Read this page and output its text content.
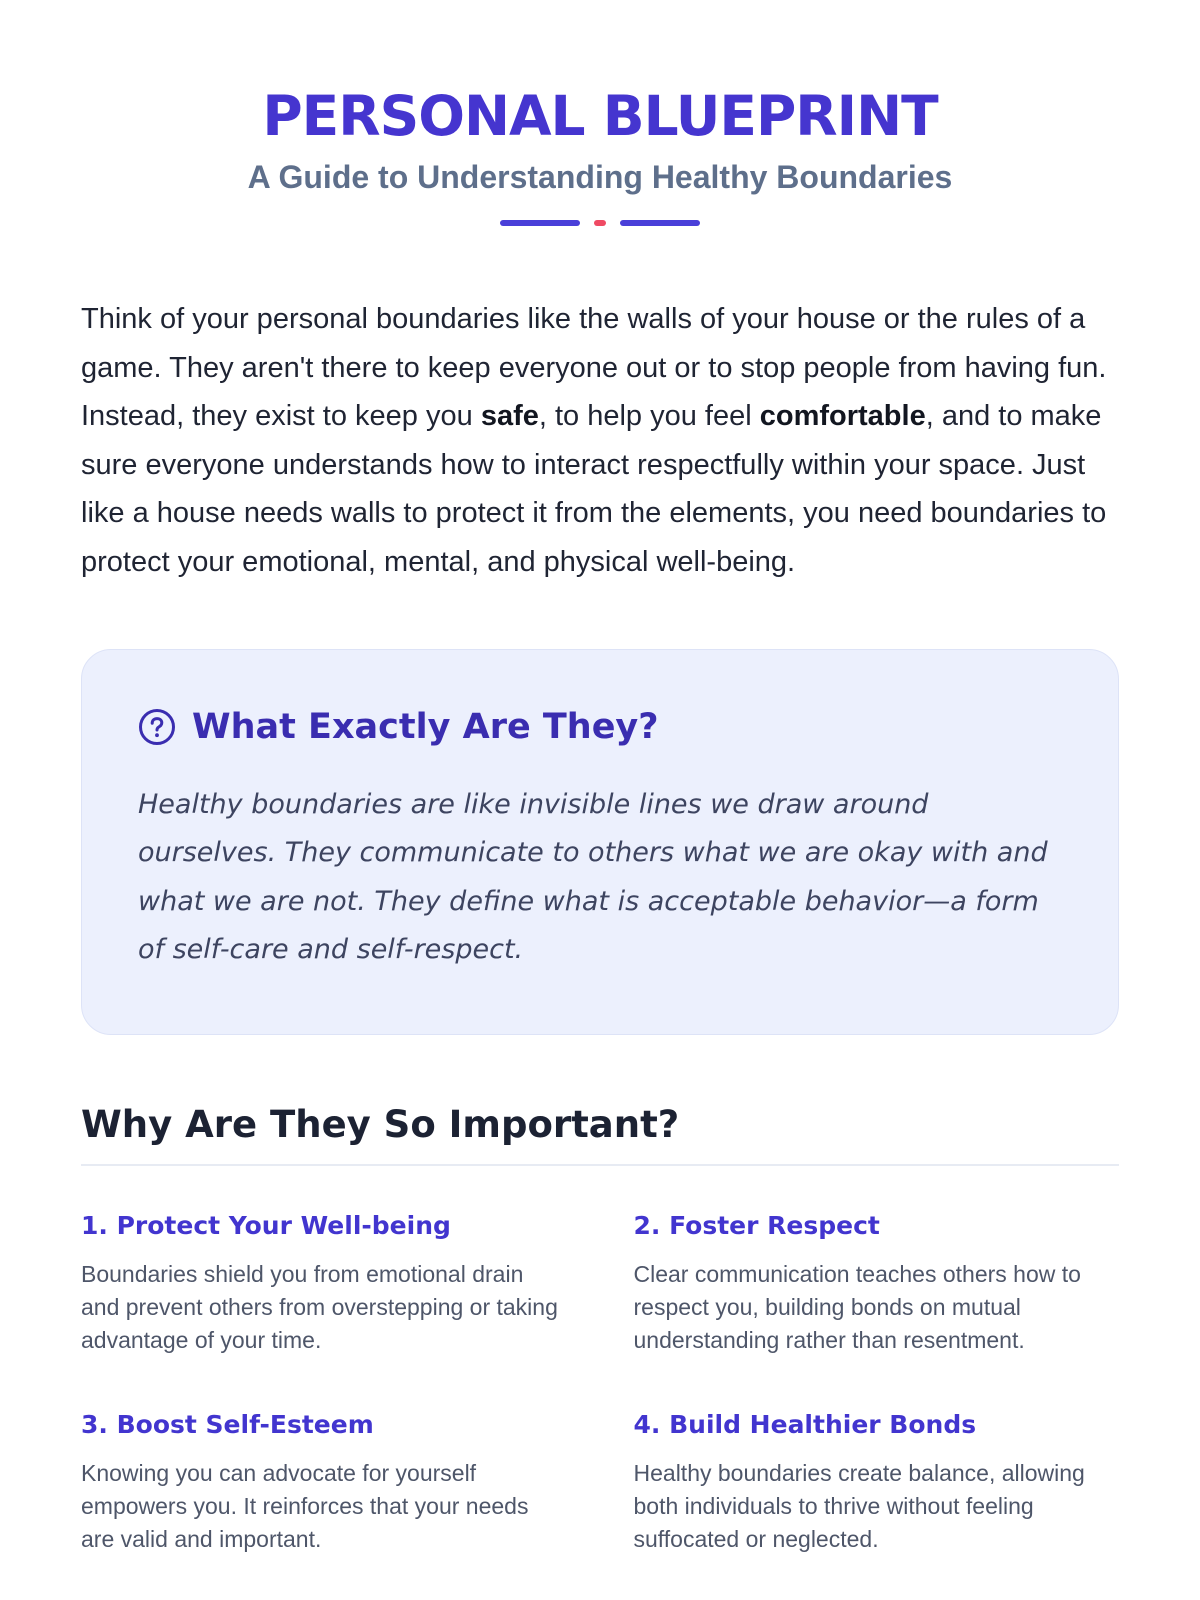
PERSONAL BLUEPRINT
A Guide to Understanding Healthy Boundaries

Think of your personal boundaries like the walls of your house or the rules of a game. They aren't there to keep everyone out or to stop people from having fun. Instead, they exist to keep you safe, to help you feel comfortable, and to make sure everyone understands how to interact respectfully within your space. Just like a house needs walls to protect it from the elements, you need boundaries to protect your emotional, mental, and physical well-being.

What Exactly Are They?

Healthy boundaries are like invisible lines we draw around ourselves. They communicate to others what we are okay with and what we are not. They define what is acceptable behavior—a form of self-care and self-respect.

Why Are They So Important?
1. Protect Your Well-being

Boundaries shield you from emotional drain and prevent others from overstepping or taking advantage of your time.

2. Foster Respect

Clear communication teaches others how to respect you, building bonds on mutual understanding rather than resentment.

3. Boost Self-Esteem

Knowing you can advocate for yourself empowers you. It reinforces that your needs are valid and important.

4. Build Healthier Bonds

Healthy boundaries create balance, allowing both individuals to thrive without feeling suffocated or neglected.
